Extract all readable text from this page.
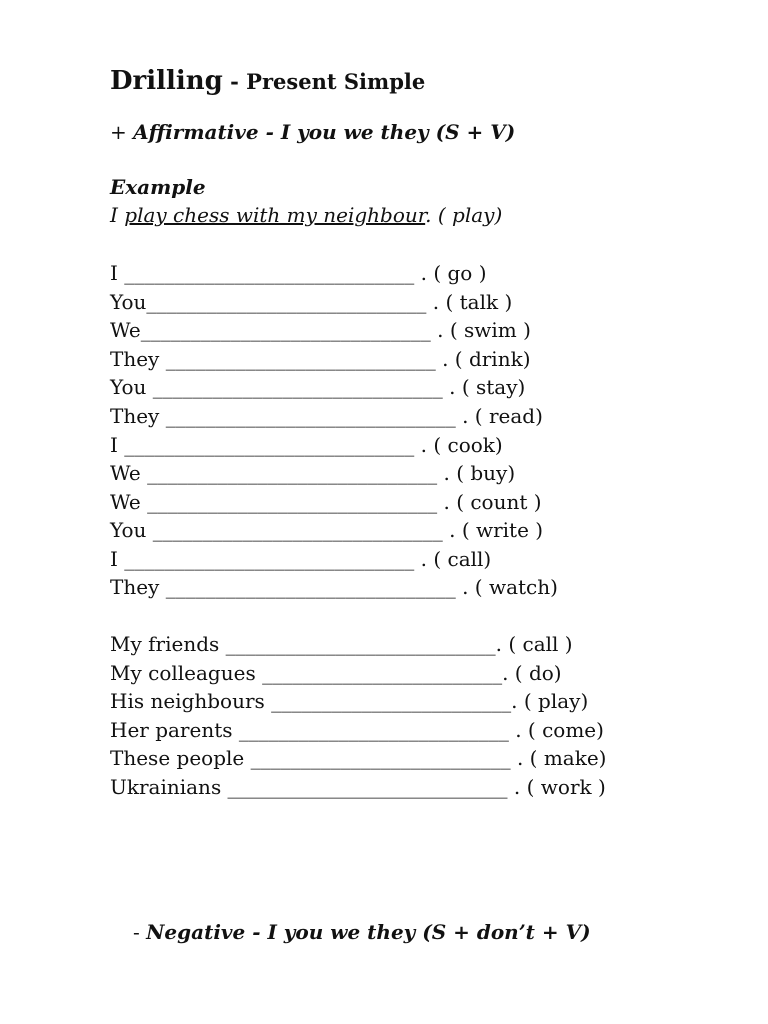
Drilling - Present Simple
+ Affirmative - I you we they (S + V)
Example
I play chess with my neighbour. ( play)
I _____________________________ . ( go )
You____________________________ . ( talk )
We_____________________________ . ( swim )
They ___________________________ . ( drink)
You _____________________________ . ( stay)
They _____________________________ . ( read)
I _____________________________ . ( cook)
We _____________________________ . ( buy)
We _____________________________ . ( count )
You _____________________________ . ( write )
I _____________________________ . ( call)
They _____________________________ . ( watch)
My friends ___________________________. ( call )
My colleagues ________________________. ( do)
His neighbours ________________________. ( play)
Her parents ___________________________ . ( come)
These people __________________________ . ( make)
Ukrainians ____________________________ . ( work )
- Negative - I you we they (S + don’t + V)
